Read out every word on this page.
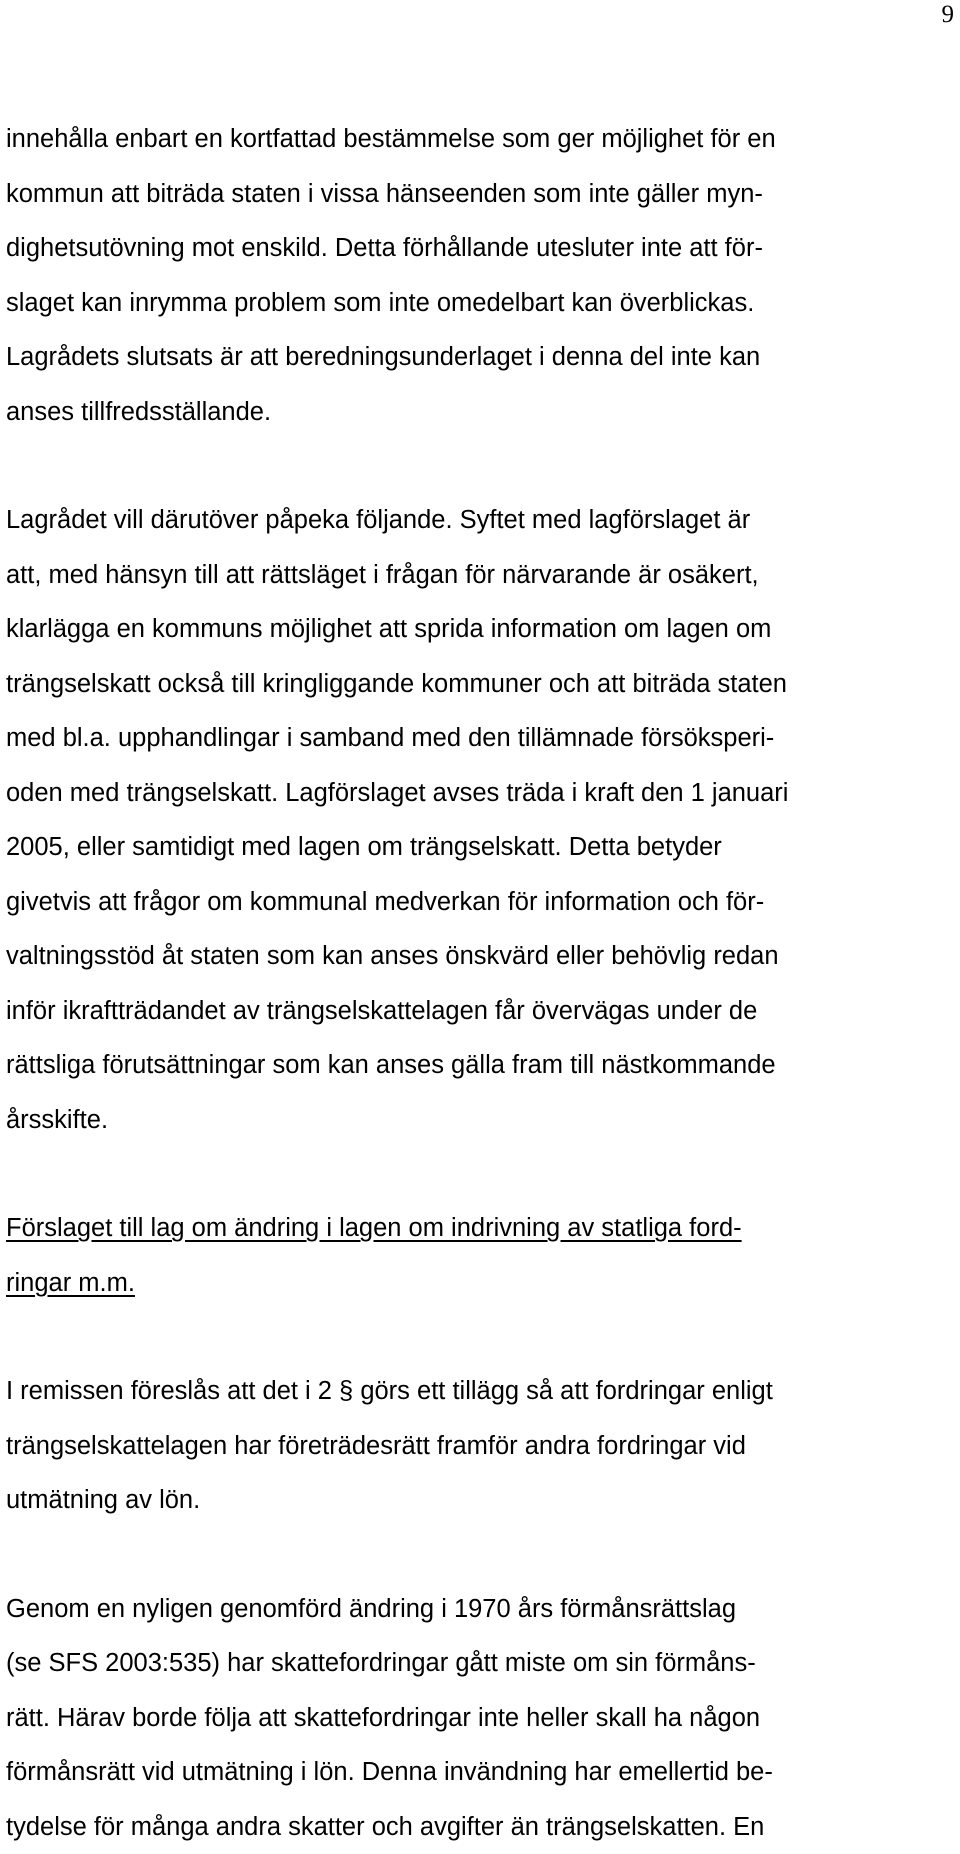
9
innehålla enbart en kortfattad bestämmelse som ger möjlighet för en
kommun att biträda staten i vissa hänseenden som inte gäller myn-
dighetsutövning mot enskild. Detta förhållande utesluter inte att för-
slaget kan inrymma problem som inte omedelbart kan överblickas.
Lagrådets slutsats är att beredningsunderlaget i denna del inte kan
anses tillfredsställande.
Lagrådet vill därutöver påpeka följande. Syftet med lagförslaget är
att, med hänsyn till att rättsläget i frågan för närvarande är osäkert,
klarlägga en kommuns möjlighet att sprida information om lagen om
trängselskatt också till kringliggande kommuner och att biträda staten
med bl.a. upphandlingar i samband med den tillämnade försöksperi-
oden med trängselskatt. Lagförslaget avses träda i kraft den 1 januari
2005, eller samtidigt med lagen om trängselskatt. Detta betyder
givetvis att frågor om kommunal medverkan för information och för-
valtningsstöd åt staten som kan anses önskvärd eller behövlig redan
inför ikraftträdandet av trängselskattelagen får övervägas under de
rättsliga förutsättningar som kan anses gälla fram till nästkommande
årsskifte.
Förslaget till lag om ändring i lagen om indrivning av statliga ford-
ringar m.m.
I remissen föreslås att det i 2 § görs ett tillägg så att fordringar enligt
trängselskattelagen har företrädesrätt framför andra fordringar vid
utmätning av lön.
Genom en nyligen genomförd ändring i 1970 års förmånsrättslag
(se SFS 2003:535) har skattefordringar gått miste om sin förmåns-
rätt. Härav borde följa att skattefordringar inte heller skall ha någon
förmånsrätt vid utmätning i lön. Denna invändning har emellertid be-
tydelse för många andra skatter och avgifter än trängselskatten. En
